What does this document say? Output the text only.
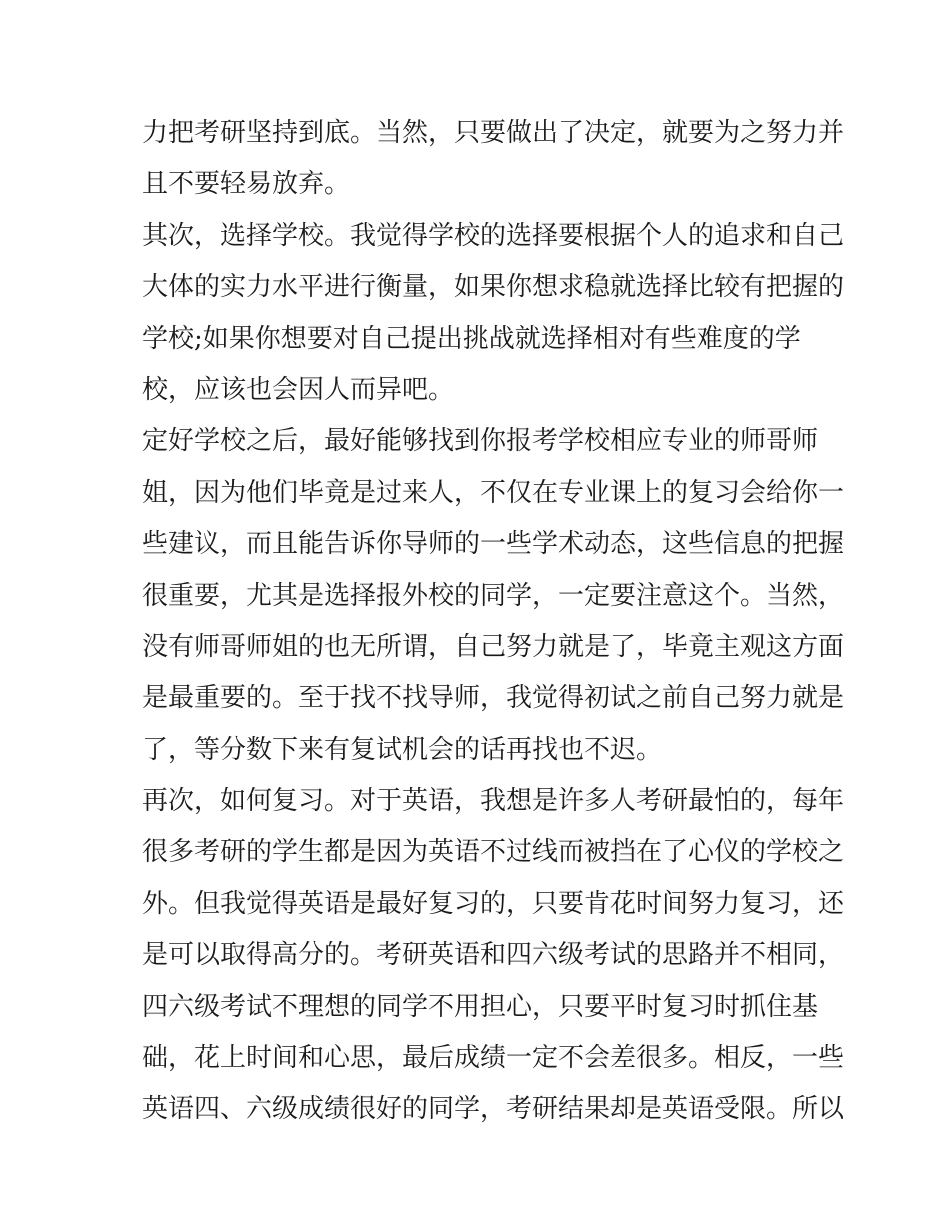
力把考研坚持到底。当然，只要做出了决定，就要为之努力并
且不要轻易放弃。
其次，选择学校。我觉得学校的选择要根据个人的追求和自己
大体的实力水平进行衡量，如果你想求稳就选择比较有把握的
学校;如果你想要对自己提出挑战就选择相对有些难度的学
校，应该也会因人而异吧。
定好学校之后，最好能够找到你报考学校相应专业的师哥师
姐，因为他们毕竟是过来人，不仅在专业课上的复习会给你一
些建议，而且能告诉你导师的一些学术动态，这些信息的把握
很重要，尤其是选择报外校的同学，一定要注意这个。当然，
没有师哥师姐的也无所谓，自己努力就是了，毕竟主观这方面
是最重要的。至于找不找导师，我觉得初试之前自己努力就是
了，等分数下来有复试机会的话再找也不迟。
再次，如何复习。对于英语，我想是许多人考研最怕的，每年
很多考研的学生都是因为英语不过线而被挡在了心仪的学校之
外。但我觉得英语是最好复习的，只要肯花时间努力复习，还
是可以取得高分的。考研英语和四六级考试的思路并不相同，
四六级考试不理想的同学不用担心，只要平时复习时抓住基
础，花上时间和心思，最后成绩一定不会差很多。相反，一些
英语四、六级成绩很好的同学，考研结果却是英语受限。所以
